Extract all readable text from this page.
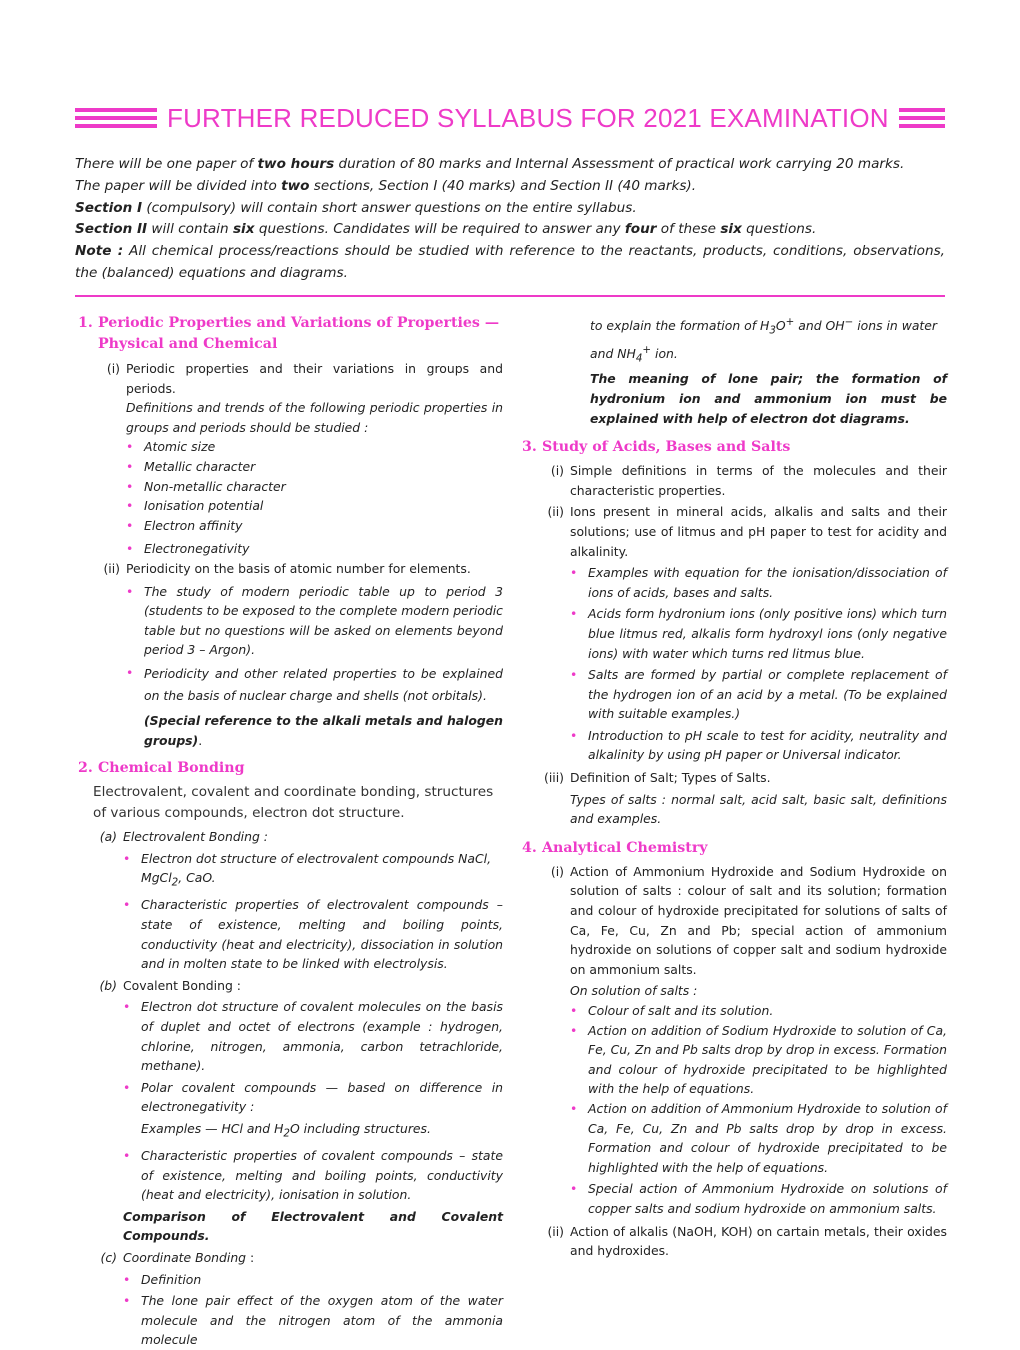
FURTHER REDUCED SYLLABUS FOR 2021 EXAMINATION

There will be one paper of two hours duration of 80 marks and Internal Assessment of practical work carrying 20 marks.

The paper will be divided into two sections, Section I (40 marks) and Section II (40 marks).

Section I (compulsory) will contain short answer questions on the entire syllabus.

Section II will contain six questions. Candidates will be required to answer any four of these six questions.

Note : All chemical process/reactions should be studied with reference to the reactants, products, conditions, observations, the (balanced) equations and diagrams.

1. Periodic Properties and Variations of Properties —
Physical and Chemical
(i) Periodic properties and their variations in groups and periods.
Definitions and trends of the following periodic properties in groups and periods should be studied :
• Atomic size
• Metallic character
• Non-metallic character
• Ionisation potential
• Electron affinity
• Electronegativity
(ii) Periodicity on the basis of atomic number for elements.
• The study of modern periodic table up to period 3 (students to be exposed to the complete modern periodic table but no questions will be asked on elements beyond period 3 – Argon).
• Periodicity and other related properties to be explained on the basis of nuclear charge and shells (not orbitals).
(Special reference to the alkali metals and halogen groups).
2. Chemical Bonding
Electrovalent, covalent and coordinate bonding, structures of various compounds, electron dot structure.
(a) Electrovalent Bonding :
• Electron dot structure of electrovalent compounds NaCl,
MgCl$_2$, CaO.
• Characteristic properties of electrovalent compounds – state of existence, melting and boiling points, conductivity (heat and electricity), dissociation in solution and in molten state to be linked with electrolysis.
(b) Covalent Bonding :
• Electron dot structure of covalent molecules on the basis of duplet and octet of electrons (example : hydrogen, chlorine, nitrogen, ammonia, carbon tetrachloride, methane).
• Polar covalent compounds — based on difference in electronegativity :
Examples — HCl and $H_2O$ including structures.
• Characteristic properties of covalent compounds – state of existence, melting and boiling points, conductivity (heat and electricity), ionisation in solution.
Comparison of Electrovalent and Covalent Compounds.
(c) Coordinate Bonding :
• Definition
• The lone pair effect of the oxygen atom of the water molecule and the nitrogen atom of the ammonia molecule
to explain the formation of $H_3O^+$ and OH− ions in water
and $NH_4^+$ ion.
The meaning of lone pair; the formation of hydronium ion and ammonium ion must be explained with help of electron dot diagrams.
3. Study of Acids, Bases and Salts
(i) Simple definitions in terms of the molecules and their characteristic properties.
(ii) Ions present in mineral acids, alkalis and salts and their solutions; use of litmus and pH paper to test for acidity and alkalinity.
• Examples with equation for the ionisation/dissociation of ions of acids, bases and salts.
• Acids form hydronium ions (only positive ions) which turn blue litmus red, alkalis form hydroxyl ions (only negative ions) with water which turns red litmus blue.
• Salts are formed by partial or complete replacement of the hydrogen ion of an acid by a metal. (To be explained with suitable examples.)
• Introduction to pH scale to test for acidity, neutrality and alkalinity by using pH paper or Universal indicator.
(iii) Definition of Salt; Types of Salts.
Types of salts : normal salt, acid salt, basic salt, definitions and examples.
4. Analytical Chemistry
(i) Action of Ammonium Hydroxide and Sodium Hydroxide on solution of salts : colour of salt and its solution; formation and colour of hydroxide precipitated for solutions of salts of Ca, Fe, Cu, Zn and Pb; special action of ammonium hydroxide on solutions of copper salt and sodium hydroxide on ammonium salts.
On solution of salts :
• Colour of salt and its solution.
• Action on addition of Sodium Hydroxide to solution of Ca, Fe, Cu, Zn and Pb salts drop by drop in excess. Formation and colour of hydroxide precipitated to be highlighted with the help of equations.
• Action on addition of Ammonium Hydroxide to solution of Ca, Fe, Cu, Zn and Pb salts drop by drop in excess. Formation and colour of hydroxide precipitated to be highlighted with the help of equations.
• Special action of Ammonium Hydroxide on solutions of copper salts and sodium hydroxide on ammonium salts.
(ii) Action of alkalis (NaOH, KOH) on cartain metals, their oxides and hydroxides.
